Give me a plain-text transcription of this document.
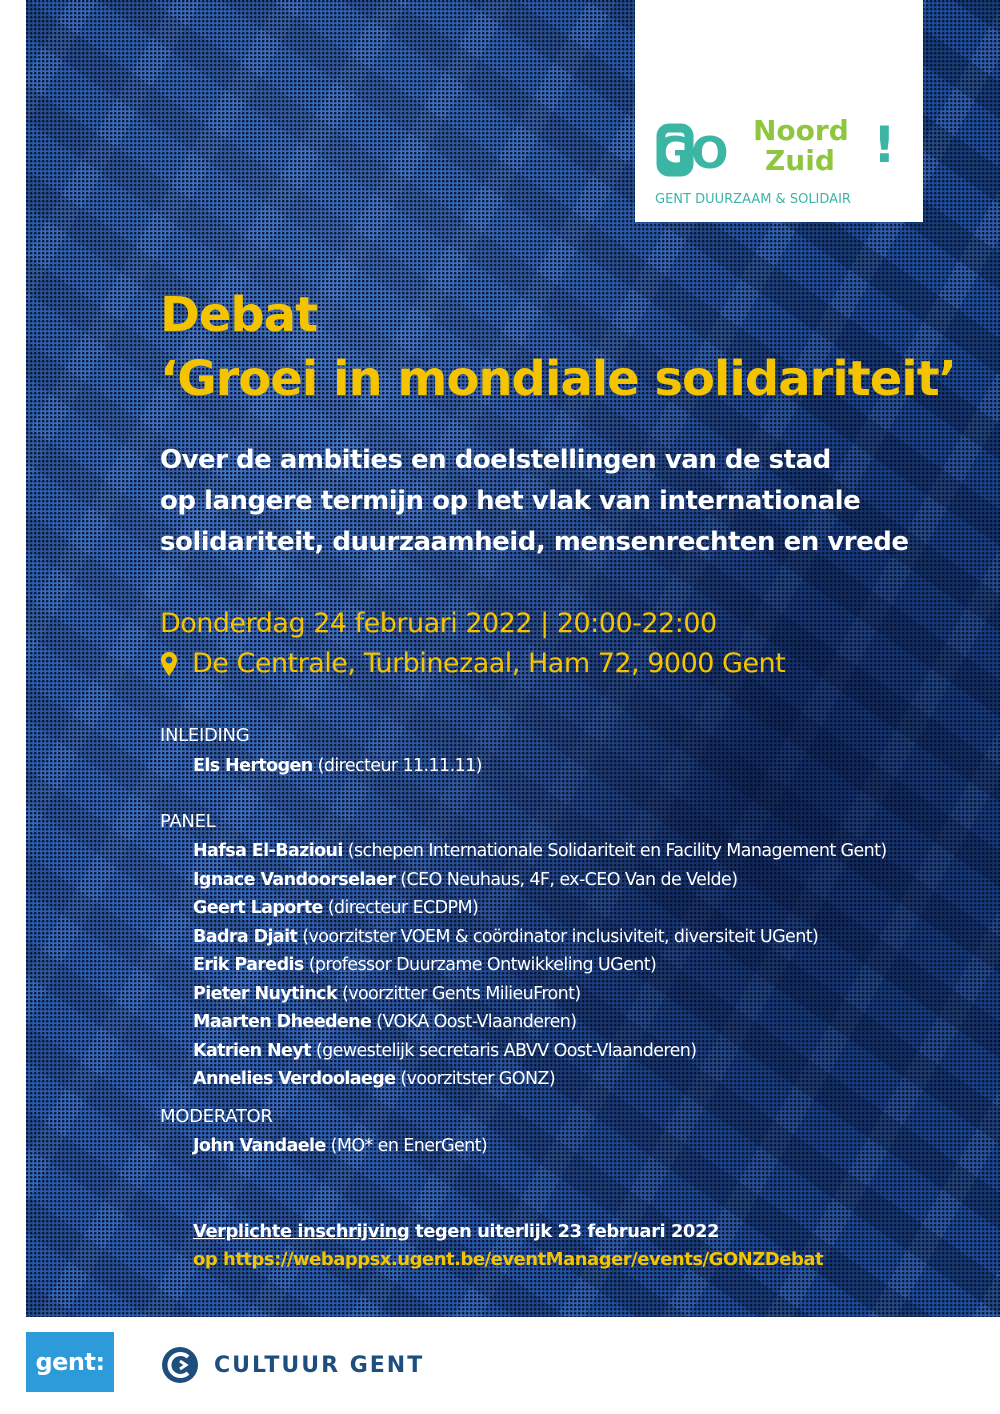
GO Noord
Zuid !
GENT DUURZAAM & SOLIDAIR
Debat
‘Groei in mondiale solidariteit’

Over de ambities en doelstellingen van de stad
op langere termijn op het vlak van internationale
solidariteit, duurzaamheid, mensenrechten en vrede

Donderdag 24 februari 2022 | 20:00-22:00

De Centrale, Turbinezaal, Ham 72, 9000 Gent

INLEIDING

Els Hertogen (directeur 11.11.11)

PANEL

Hafsa El-Bazioui (schepen Internationale Solidariteit en Facility Management Gent)

Ignace Vandoorselaer (CEO Neuhaus, 4F, ex-CEO Van de Velde)

Geert Laporte (directeur ECDPM)

Badra Djait (voorzitster VOEM & coördinator inclusiviteit, diversiteit UGent)

Erik Paredis (professor Duurzame Ontwikkeling UGent)

Pieter Nuytinck (voorzitter Gents MilieuFront)

Maarten Dheedene (VOKA Oost-Vlaanderen)

Katrien Neyt (gewestelijk secretaris ABVV Oost-Vlaanderen)

Annelies Verdoolaege (voorzitster GONZ)

MODERATOR

John Vandaele (MO* en EnerGent)

Verplichte inschrijving tegen uiterlijk 23 februari 2022

op https://webappsx.ugent.be/eventManager/events/GONZDebat

gent:	CULTUUR GENT
